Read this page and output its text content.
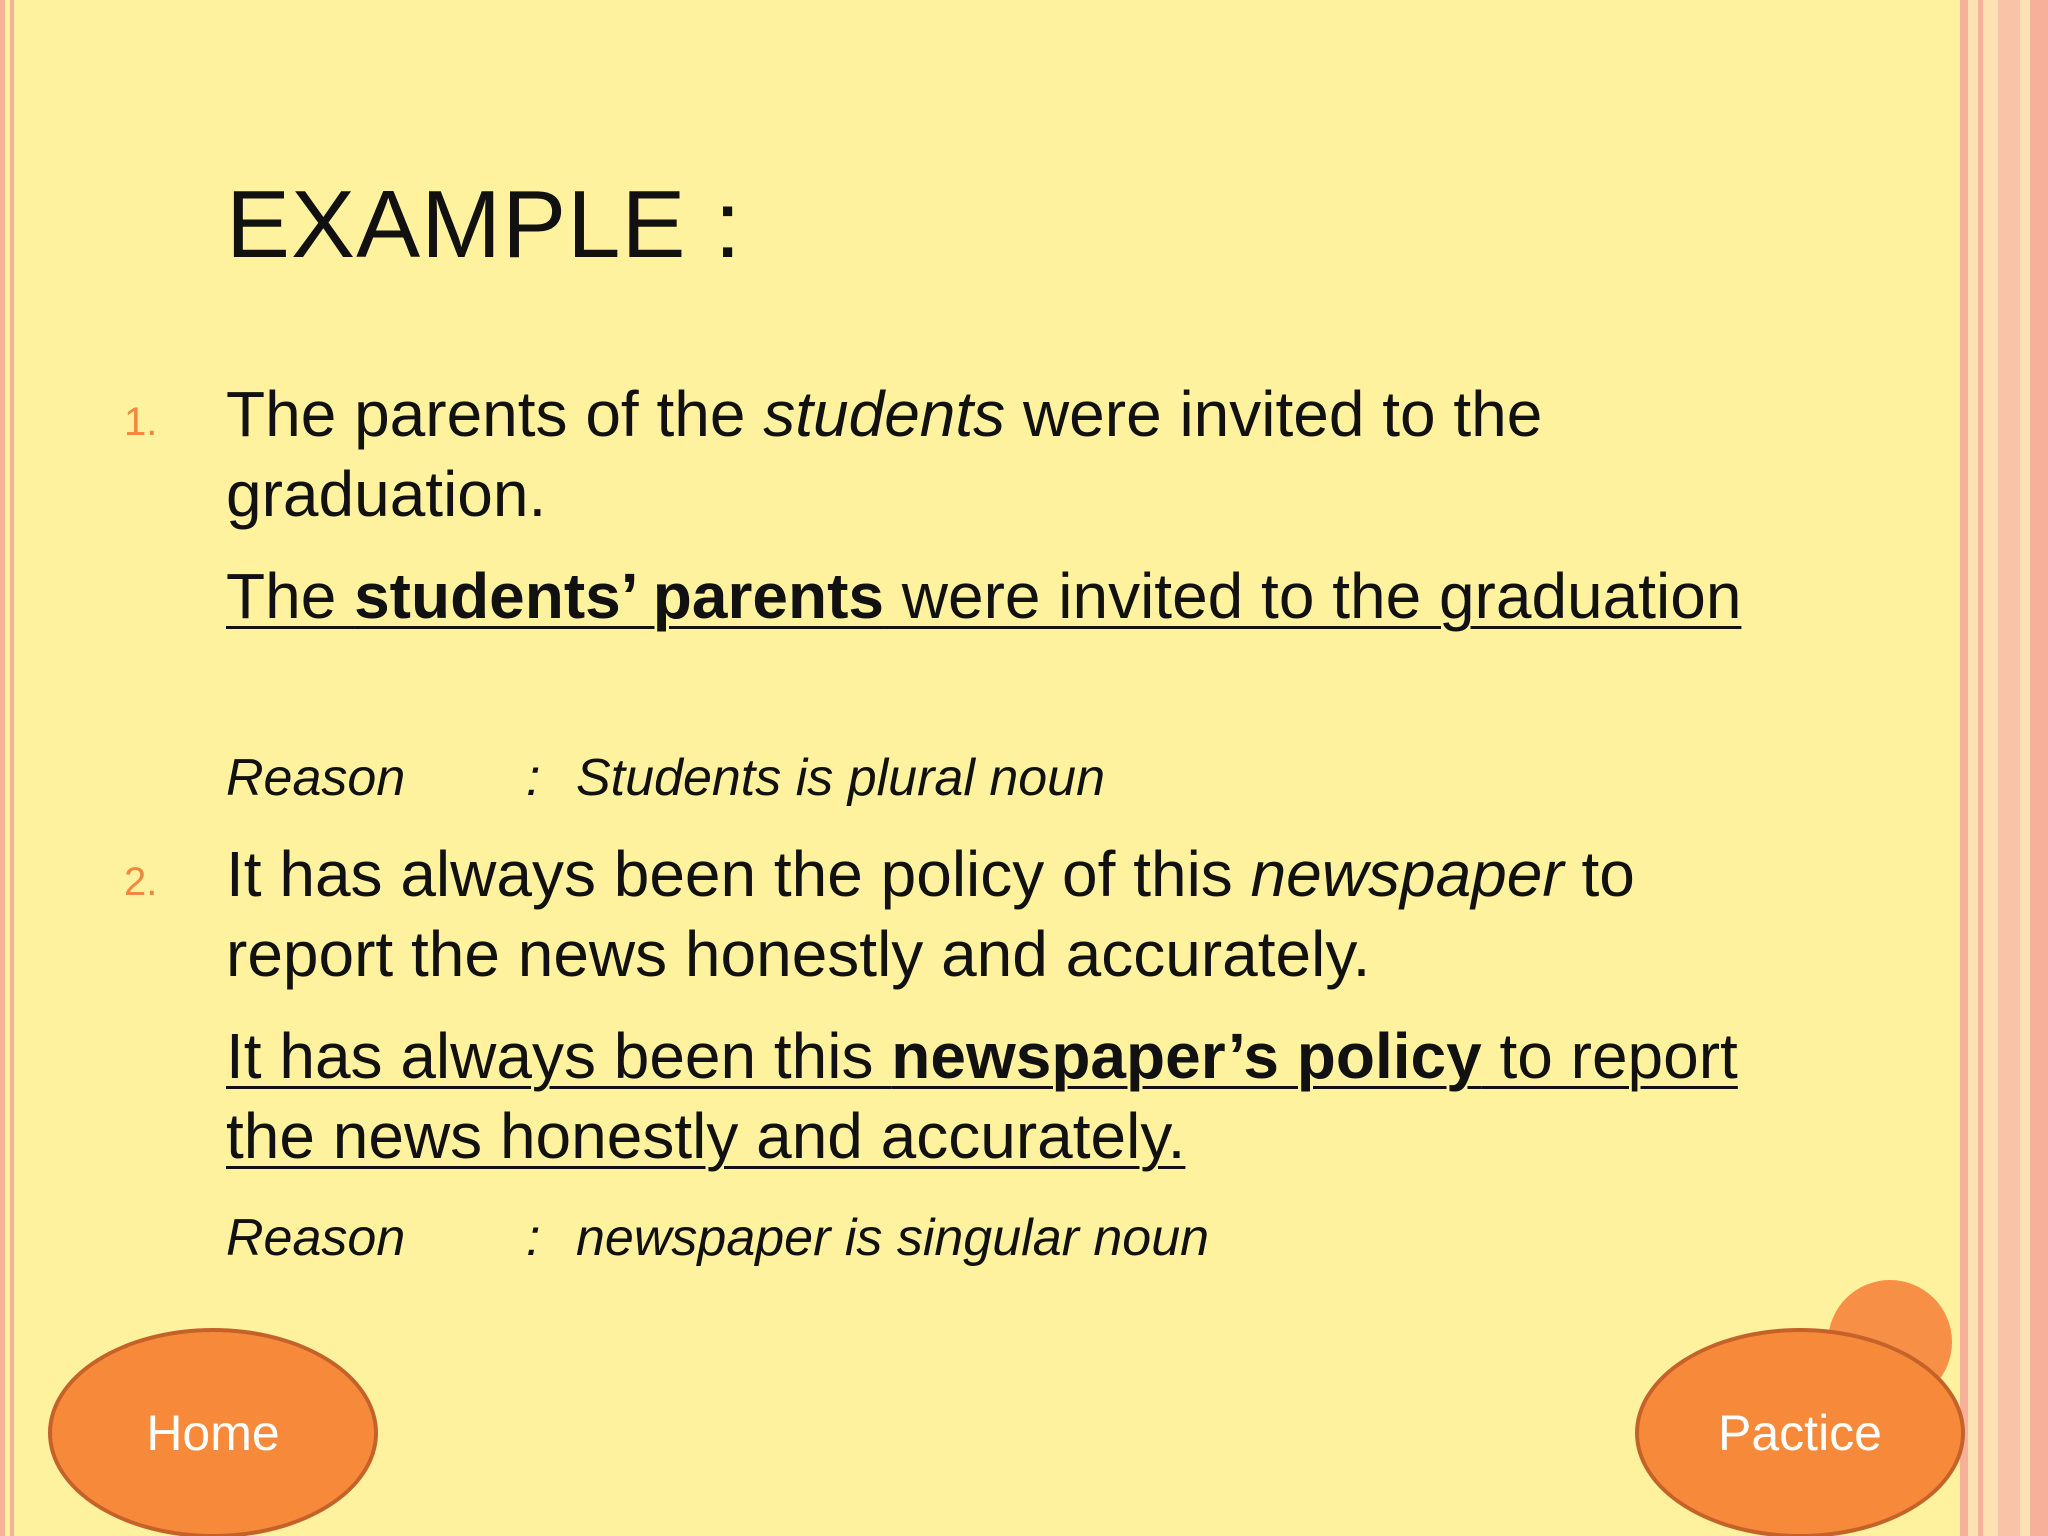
EXAMPLE :
1. The parents of the students were invited to the graduation.
The students’ parents were invited to the graduation
Reason : Students is plural noun
2. It has always been the policy of this newspaper to report the news honestly and accurately.
It has always been this newspaper’s policy to report the news honestly and accurately.
Reason : newspaper is singular noun
Home	Pactice
